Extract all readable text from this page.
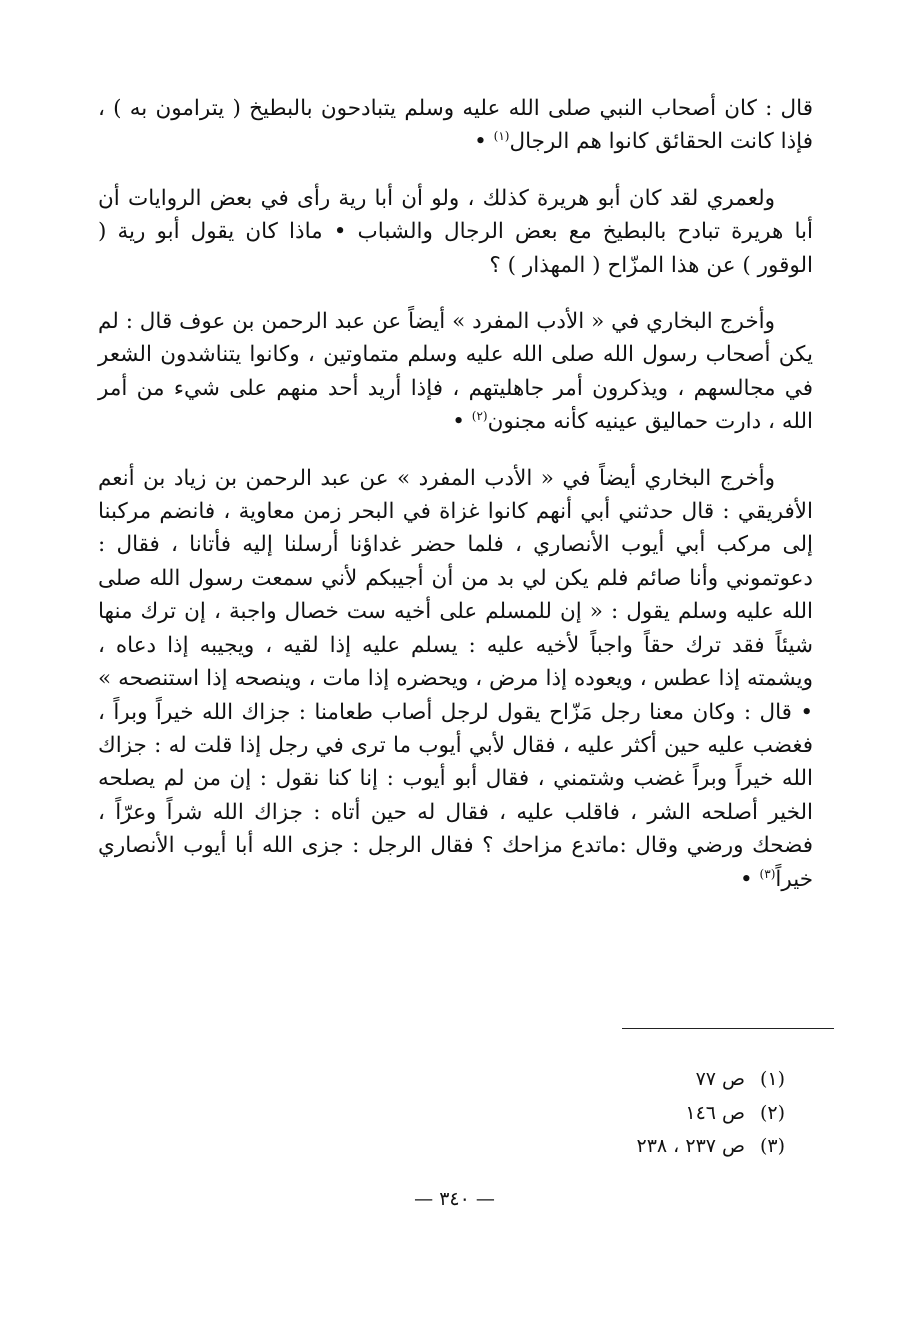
قال : كان أصحاب النبي صلى الله عليه وسلم يتبادحون بالبطيخ ( يترامون به ) ، فإذا كانت الحقائق كانوا هم الرجال$^{(١)}$ •

ولعمري لقد كان أبو هريرة كذلك ، ولو أن أبا رية رأى في بعض الروايات أن أبا هريرة تبادح بالبطيخ مع بعض الرجال والشباب • ماذا كان يقول أبو رية ( الوقور ) عن هذا المزّاح ( المهذار ) ؟

وأخرج البخاري في « الأدب المفرد » أيضاً عن عبد الرحمن بن عوف قال : لم يكن أصحاب رسول الله صلى الله عليه وسلم متماوتين ، وكانوا يتناشدون الشعر في مجالسهم ، ويذكرون أمر جاهليتهم ، فإذا أريد أحد منهم على شيء من أمر الله ، دارت حماليق عينيه كأنه مجنون$^{(٢)}$ •

وأخرج البخاري أيضاً في « الأدب المفرد » عن عبد الرحمن بن زياد بن أنعم الأفريقي : قال حدثني أبي أنهم كانوا غزاة في البحر زمن معاوية ، فانضم مركبنا إلى مركب أبي أيوب الأنصاري ، فلما حضر غداؤنا أرسلنا إليه فأتانا ، فقال : دعوتموني وأنا صائم فلم يكن لي بد من أن أجيبكم لأني سمعت رسول الله صلى الله عليه وسلم يقول : « إن للمسلم على أخيه ست خصال واجبة ، إن ترك منها شيئاً فقد ترك حقاً واجباً لأخيه عليه : يسلم عليه إذا لقيه ، ويجيبه إذا دعاه ، ويشمته إذا عطس ، ويعوده إذا مرض ، ويحضره إذا مات ، وينصحه إذا استنصحه » • قال : وكان معنا رجل مَزّاح يقول لرجل أصاب طعامنا : جزاك الله خيراً وبراً ، فغضب عليه حين أكثر عليه ، فقال لأبي أيوب ما ترى في رجل إذا قلت له : جزاك الله خيراً وبراً غضب وشتمني ، فقال أبو أيوب : إنا كنا نقول : إن من لم يصلحه الخير أصلحه الشر ، فاقلب عليه ، فقال له حين أتاه : جزاك الله شراً وعرّاً ، فضحك ورضي وقال :ماتدع مزاحك ؟ فقال الرجل : جزى الله أبا أيوب الأنصاري خيراً$^{(٣)}$ •

(١)
ص ٧٧
(٢)
ص ١٤٦
(٣)
ص ٢٣٧ ، ٢٣٨
— ٣٤٠ —
